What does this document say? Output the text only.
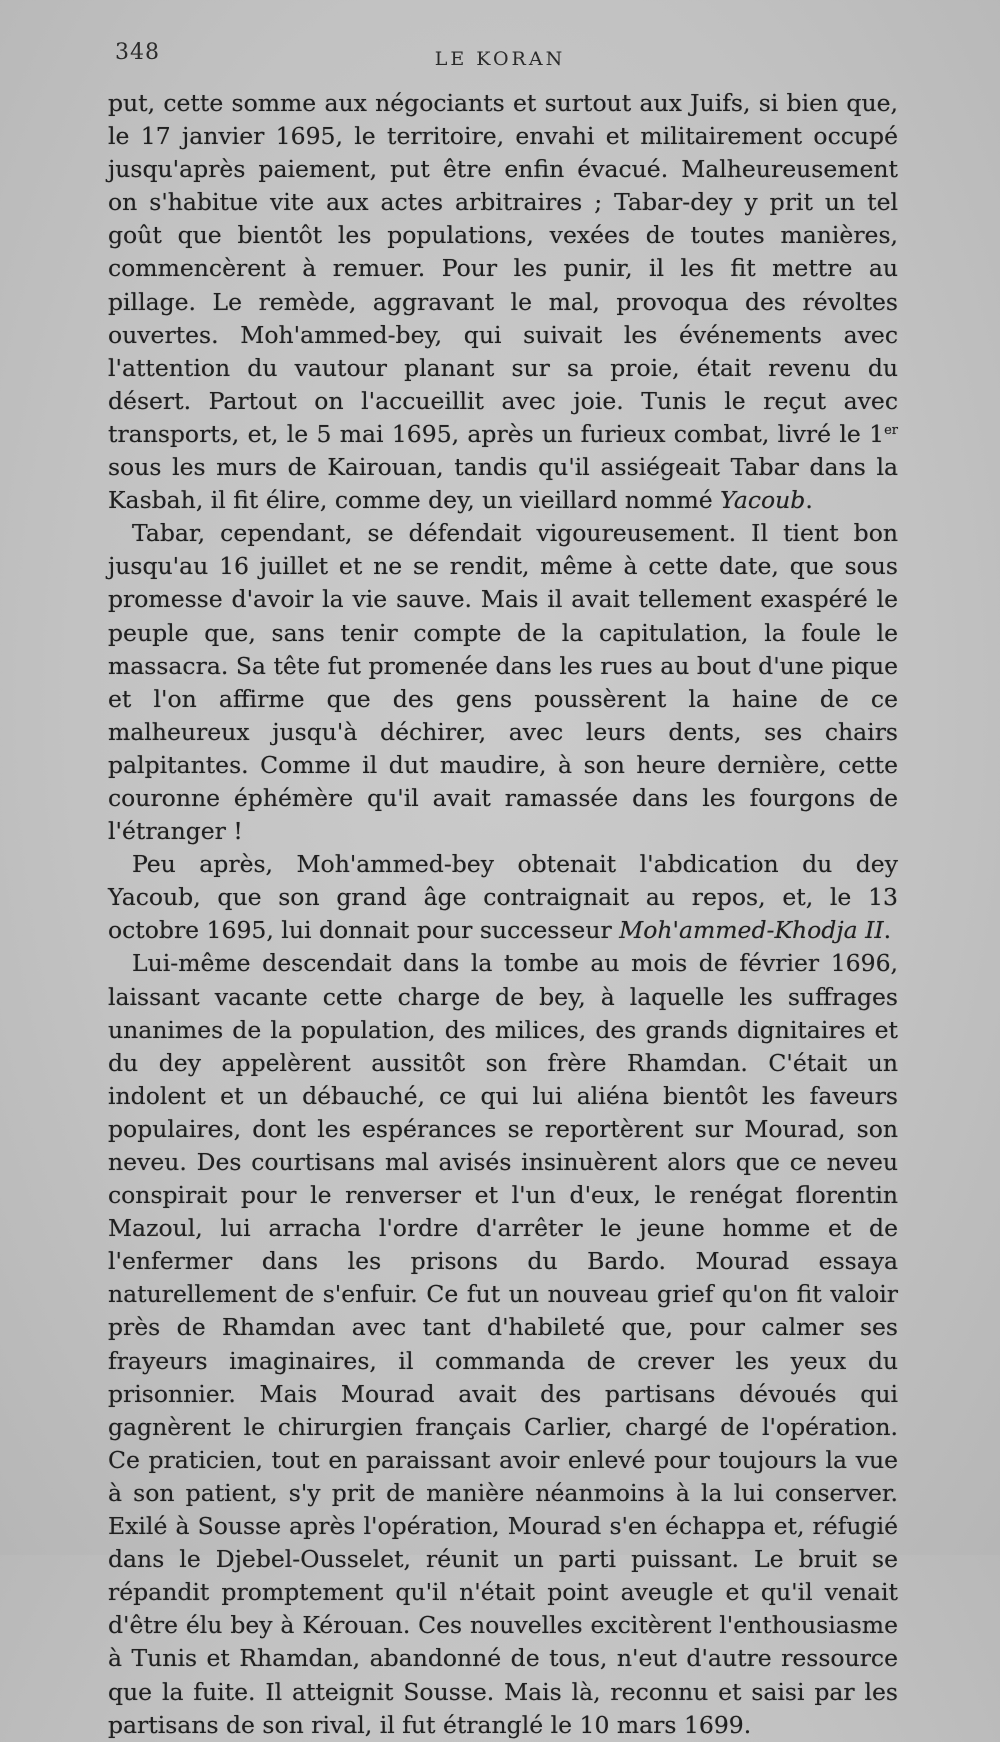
348	LE KORAN

put, cette somme aux négociants et surtout aux Juifs, si bien que, le 17 janvier 1695, le territoire, envahi et militairement occupé jusqu'après paiement, put être enfin évacué. Malheureusement on s'habitue vite aux actes arbitraires ; Tabar-dey y prit un tel goût que bientôt les populations, vexées de toutes manières, commencèrent à remuer. Pour les punir, il les fit mettre au pillage. Le remède, aggravant le mal, provoqua des révoltes ouvertes. Moh'ammed-bey, qui suivait les événements avec l'attention du vautour planant sur sa proie, était revenu du désert. Partout on l'accueillit avec joie. Tunis le reçut avec transports, et, le 5 mai 1695, après un furieux combat, livré le 1er sous les murs de Kairouan, tandis qu'il assiégeait Tabar dans la Kasbah, il fit élire, comme dey, un vieillard nommé Yacoub.

Tabar, cependant, se défendait vigoureusement. Il tient bon jusqu'au 16 juillet et ne se rendit, même à cette date, que sous promesse d'avoir la vie sauve. Mais il avait tellement exaspéré le peuple que, sans tenir compte de la capitulation, la foule le massacra. Sa tête fut promenée dans les rues au bout d'une pique et l'on affirme que des gens poussèrent la haine de ce malheureux jusqu'à déchirer, avec leurs dents, ses chairs palpitantes. Comme il dut maudire, à son heure dernière, cette couronne éphémère qu'il avait ramassée dans les fourgons de l'étranger !

Peu après, Moh'ammed-bey obtenait l'abdication du dey Yacoub, que son grand âge contraignait au repos, et, le 13 octobre 1695, lui donnait pour successeur Moh'ammed-Khodja II.

Lui-même descendait dans la tombe au mois de février 1696, laissant vacante cette charge de bey, à laquelle les suffrages unanimes de la population, des milices, des grands dignitaires et du dey appelèrent aussitôt son frère Rhamdan. C'était un indolent et un débauché, ce qui lui aliéna bientôt les faveurs populaires, dont les espérances se reportèrent sur Mourad, son neveu. Des courtisans mal avisés insinuèrent alors que ce neveu conspirait pour le renverser et l'un d'eux, le renégat florentin Mazoul, lui arracha l'ordre d'arrêter le jeune homme et de l'enfermer dans les prisons du Bardo. Mourad essaya naturellement de s'enfuir. Ce fut un nouveau grief qu'on fit valoir près de Rhamdan avec tant d'habileté que, pour calmer ses frayeurs imaginaires, il commanda de crever les yeux du prisonnier. Mais Mourad avait des partisans dévoués qui gagnèrent le chirurgien français Carlier, chargé de l'opération. Ce praticien, tout en paraissant avoir enlevé pour toujours la vue à son patient, s'y prit de manière néanmoins à la lui conserver. Exilé à Sousse après l'opération, Mourad s'en échappa et, réfugié dans le Djebel-Ousselet, réunit un parti puissant. Le bruit se répandit promptement qu'il n'était point aveugle et qu'il venait d'être élu bey à Kérouan. Ces nouvelles excitèrent l'enthousiasme à Tunis et Rhamdan, abandonné de tous, n'eut d'autre ressource que la fuite. Il atteignit Sousse. Mais là, reconnu et saisi par les partisans de son rival, il fut étranglé le 10 mars 1699.
